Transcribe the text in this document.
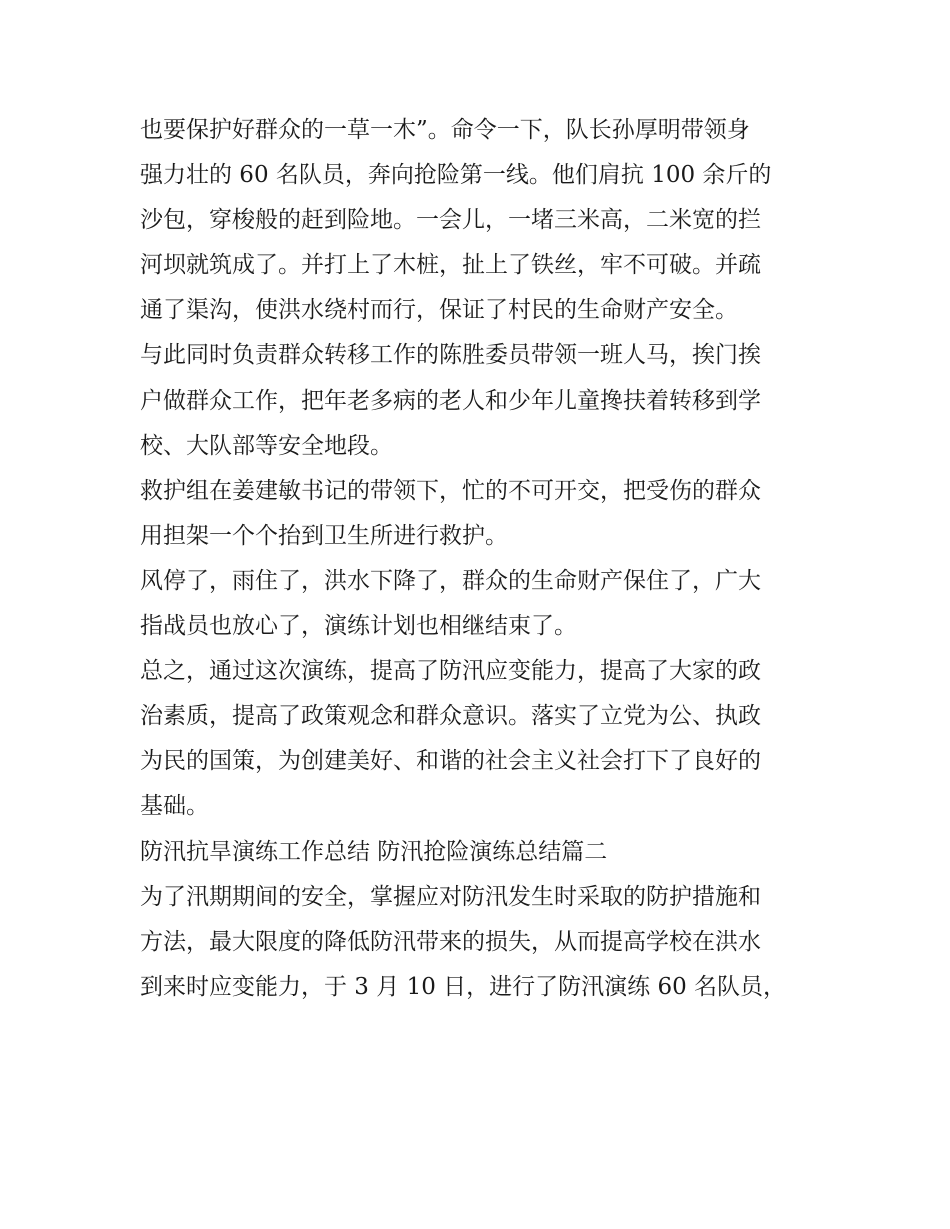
也要保护好群众的一草一木”。命令一下，队长孙厚明带领身
强力壮的 60 名队员，奔向抢险第一线。他们肩抗 100 余斤的
沙包，穿梭般的赶到险地。一会儿，一堵三米高，二米宽的拦
河坝就筑成了。并打上了木桩，扯上了铁丝，牢不可破。并疏
通了渠沟，使洪水绕村而行，保证了村民的生命财产安全。
与此同时负责群众转移工作的陈胜委员带领一班人马，挨门挨
户做群众工作，把年老多病的老人和少年儿童搀扶着转移到学
校、大队部等安全地段。
救护组在姜建敏书记的带领下，忙的不可开交，把受伤的群众
用担架一个个抬到卫生所进行救护。
风停了，雨住了，洪水下降了，群众的生命财产保住了，广大
指战员也放心了，演练计划也相继结束了。
总之，通过这次演练，提高了防汛应变能力，提高了大家的政
治素质，提高了政策观念和群众意识。落实了立党为公、执政
为民的国策，为创建美好、和谐的社会主义社会打下了良好的
基础。
防汛抗旱演练工作总结 防汛抢险演练总结篇二
为了汛期期间的安全，掌握应对防汛发生时采取的防护措施和
方法，最大限度的降低防汛带来的损失，从而提高学校在洪水
到来时应变能力，于 3 月 10 日，进行了防汛演练 60 名队员，
